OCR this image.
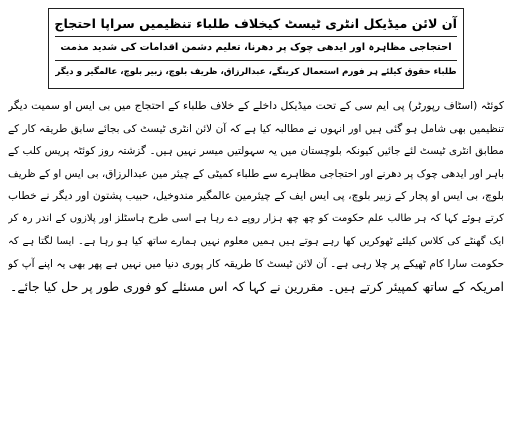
آن لائن میڈیکل انٹری ٹیسٹ کیخلاف طلباء تنظیمیں سراپا احتجاج
احتجاجی مظاہرہ اور ایدھی چوک پر دھرنا، تعلیم دشمن اقدامات کی شدید مذمت
طلباء حقوق کیلئے ہر فورم استعمال کرینگے، عبدالرزاق، ظریف بلوچ، زبیر بلوچ، عالمگیر و دیگر
کوئٹہ (اسٹاف رپورٹر) پی ایم سی کے تحت میڈیکل داخلے کے خلاف طلباء کے احتجاج میں بی ایس او سمیت دیگر
تنظیمیں بھی شامل ہو گئی ہیں اور انہوں نے مطالبہ کیا ہے کہ آن لائن انٹری ٹیسٹ کی بجائے سابق طریقہ کار کے
مطابق انٹری ٹیسٹ لئے جائیں کیونکہ بلوچستان میں یہ سہولتیں میسر نہیں ہیں۔ گزشتہ روز کوئٹہ پریس کلب کے
باہر اور ایدھی چوک پر دھرنے اور احتجاجی مظاہرے سے طلباء کمیٹی کے چیئر مین عبدالرزاق، بی ایس او کے ظریف
بلوچ، بی ایس او پجار کے زبیر بلوچ، پی ایس ایف کے چیئرمین عالمگیر مندوخیل، حبیب پشتون اور دیگر نے خطاب
کرتے ہوئے کہا کہ ہر طالب علم حکومت کو چھ چھ ہزار روپے دے رہا ہے اسی طرح ہاسٹلز اور پلازوں کے اندر رہ کر
ایک گھنٹے کی کلاس کیلئے ٹھوکریں کھا رہے ہوتے ہیں ہمیں معلوم نہیں ہمارے ساتھ کیا ہو رہا ہے۔ ایسا لگتا ہے کہ
حکومت سارا کام ٹھیکے پر چلا رہی ہے۔ آن لائن ٹیسٹ کا طریقہ کار پوری دنیا میں نہیں ہے پھر بھی یہ اپنے آپ کو
امریکہ کے ساتھ کمپیئر کرتے ہیں۔ مقررین نے کہا کہ اس مسئلے کو فوری طور پر حل کیا جائے۔
